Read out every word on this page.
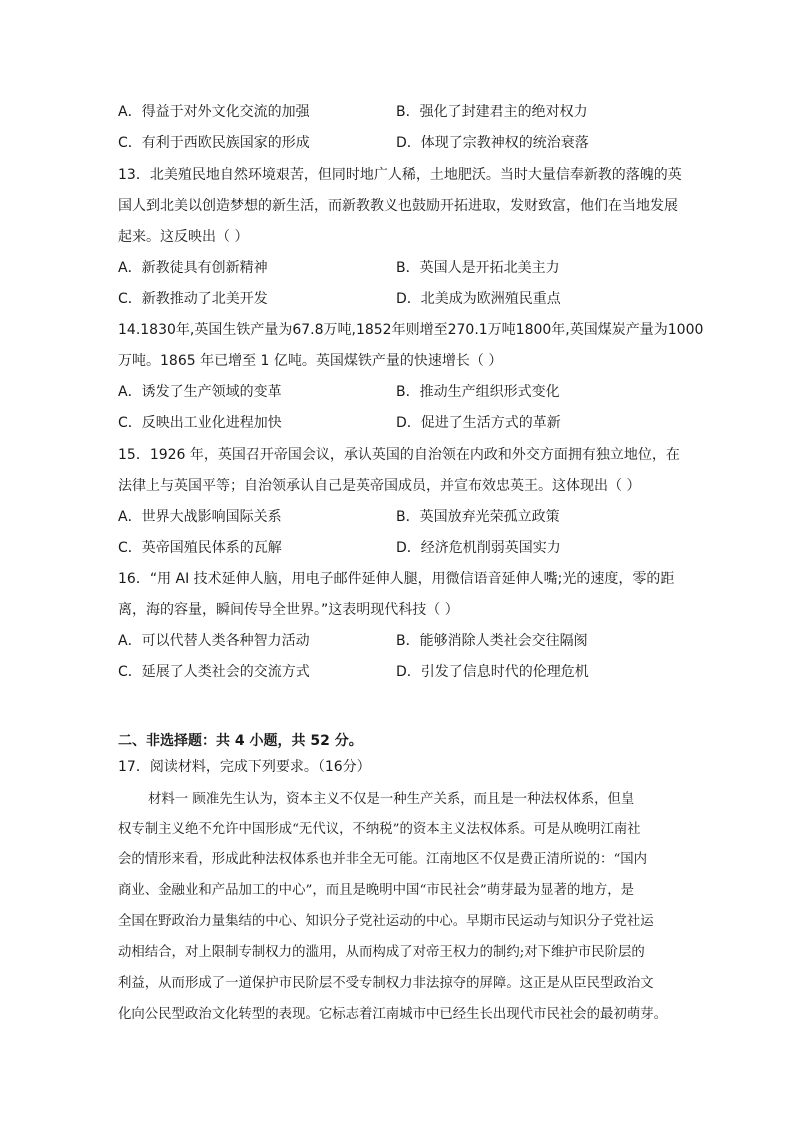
A．得益于对外文化交流的加强	B．强化了封建君主的绝对权力
C．有利于西欧民族国家的形成	D．体现了宗教神权的统治衰落
13．北美殖民地自然环境艰苦，但同时地广人稀，土地肥沃。当时大量信奉新教的落魄的英
国人到北美以创造梦想的新生活，而新教教义也鼓励开拓进取，发财致富，他们在当地发展
起来。这反映出（ ）
A．新教徒具有创新精神	B．英国人是开拓北美主力
C．新教推动了北美开发	D．北美成为欧洲殖民重点
14.1830年,英国生铁产量为67.8万吨,1852年则增至270.1万吨1800年,英国煤炭产量为1000
万吨。1865 年已增至 1 亿吨。英国煤铁产量的快速增长（ ）
A．诱发了生产领域的变革	B．推动生产组织形式变化
C．反映出工业化进程加快	D．促进了生活方式的革新
15．1926 年，英国召开帝国会议，承认英国的自治领在内政和外交方面拥有独立地位，在
法律上与英国平等；自治领承认自己是英帝国成员，并宣布效忠英王。这体现出（ ）
A．世界大战影响国际关系	B．英国放弃光荣孤立政策
C．英帝国殖民体系的瓦解	D．经济危机削弱英国实力
16．“用 AI 技术延伸人脑，用电子邮件延伸人腿，用微信语音延伸人嘴;光的速度，零的距
离，海的容量，瞬间传导全世界。”这表明现代科技（ ）
A．可以代替人类各种智力活动	B．能够消除人类社会交往隔阂
C．延展了人类社会的交流方式	D．引发了信息时代的伦理危机
二、非选择题：共 4 小题，共 52 分。
17．阅读材料，完成下列要求。（16分）
材料一 顾准先生认为，资本主义不仅是一种生产关系，而且是一种法权体系，但皇
权专制主义绝不允许中国形成“无代议，不纳税”的资本主义法权体系。可是从晚明江南社
会的情形来看，形成此种法权体系也并非全无可能。江南地区不仅是费正清所说的：“国内
商业、金融业和产品加工的中心”，而且是晚明中国“市民社会”萌芽最为显著的地方，是
全国在野政治力量集结的中心、知识分子党社运动的中心。早期市民运动与知识分子党社运
动相结合，对上限制专制权力的滥用，从而构成了对帝王权力的制约;对下维护市民阶层的
利益，从而形成了一道保护市民阶层不受专制权力非法掠夺的屏障。这正是从臣民型政治文
化向公民型政治文化转型的表现。它标志着江南城市中已经生长出现代市民社会的最初萌芽。
